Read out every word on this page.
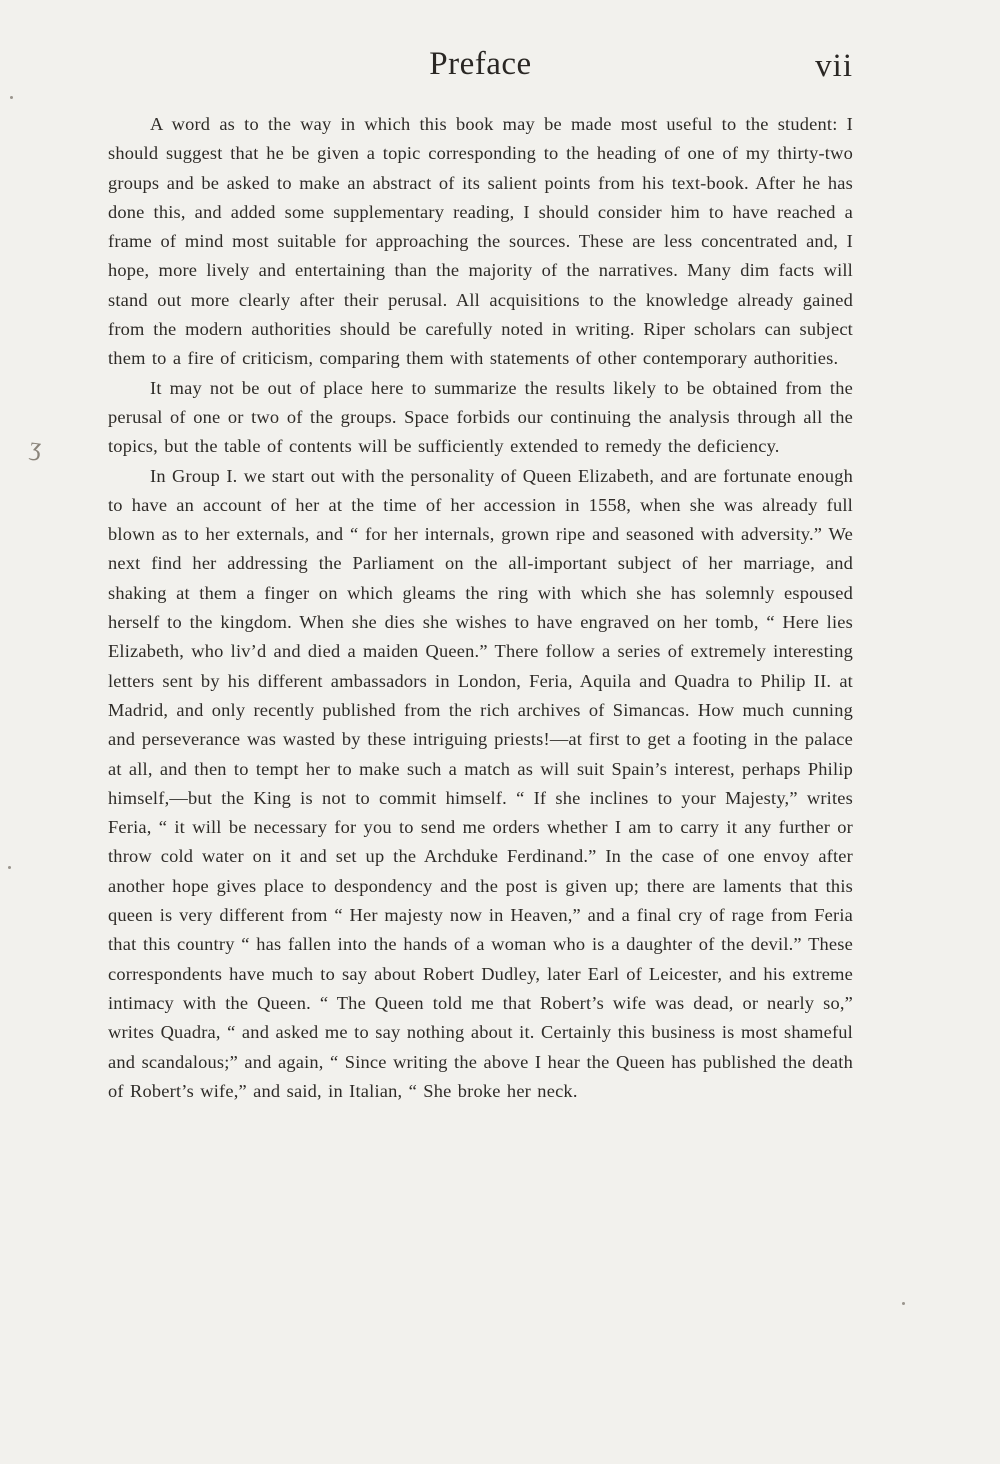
Preface	vii
ʒ

A word as to the way in which this book may be made most useful to the student: I should suggest that he be given a topic corresponding to the heading of one of my thirty-two groups and be asked to make an abstract of its salient points from his text-book. After he has done this, and added some supplementary reading, I should consider him to have reached a frame of mind most suitable for approaching the sources. These are less concentrated and, I hope, more lively and entertaining than the majority of the narratives. Many dim facts will stand out more clearly after their perusal. All acquisitions to the knowledge already gained from the modern authorities should be carefully noted in writing. Riper scholars can subject them to a fire of criticism, comparing them with statements of other contemporary authorities.

It may not be out of place here to summarize the results likely to be obtained from the perusal of one or two of the groups. Space forbids our continuing the analysis through all the topics, but the table of contents will be sufficiently extended to remedy the deficiency.

In Group I. we start out with the personality of Queen Elizabeth, and are fortunate enough to have an account of her at the time of her accession in 1558, when she was already full blown as to her externals, and “ for her internals, grown ripe and seasoned with adversity.” We next find her addressing the Parliament on the all-important subject of her marriage, and shaking at them a finger on which gleams the ring with which she has solemnly espoused herself to the kingdom. When she dies she wishes to have engraved on her tomb, “ Here lies Elizabeth, who liv’d and died a maiden Queen.” There follow a series of extremely interesting letters sent by his different ambassadors in London, Feria, Aquila and Quadra to Philip II. at Madrid, and only recently published from the rich archives of Simancas. How much cunning and perseverance was wasted by these intriguing priests!—at first to get a footing in the palace at all, and then to tempt her to make such a match as will suit Spain’s interest, perhaps Philip himself,—but the King is not to commit himself. “ If she inclines to your Majesty,” writes Feria, “ it will be necessary for you to send me orders whether I am to carry it any further or throw cold water on it and set up the Archduke Ferdinand.” In the case of one envoy after another hope gives place to despondency and the post is given up; there are laments that this queen is very different from “ Her majesty now in Heaven,” and a final cry of rage from Feria that this country “ has fallen into the hands of a woman who is a daughter of the devil.” These correspondents have much to say about Robert Dudley, later Earl of Leicester, and his extreme intimacy with the Queen. “ The Queen told me that Robert’s wife was dead, or nearly so,” writes Quadra, “ and asked me to say nothing about it. Certainly this business is most shameful and scandalous;” and again, “ Since writing the above I hear the Queen has published the death of Robert’s wife,” and said, in Italian, “ She broke her neck.
